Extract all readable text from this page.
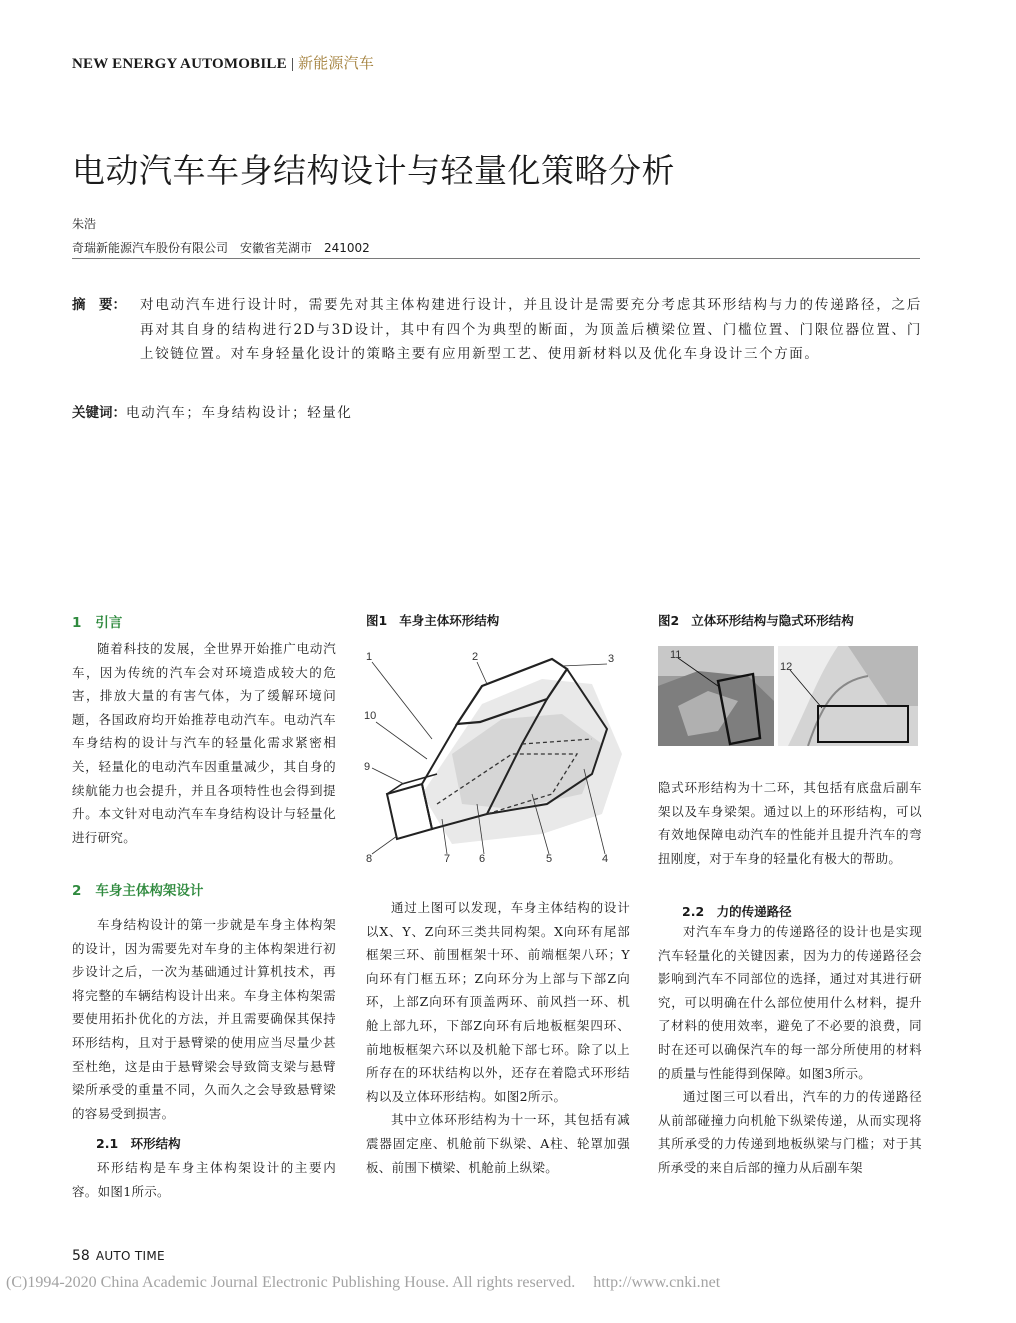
NEW ENERGY AUTOMOBILE | 新能源汽车
电动汽车车身结构设计与轻量化策略分析
朱浩
奇瑞新能源汽车股份有限公司　安徽省芜湖市　241002
摘　要： 对电动汽车进行设计时，需要先对其主体构建进行设计，并且设计是需要充分考虑其环形结构与力的传递路径，之后再对其自身的结构进行2D与3D设计，其中有四个为典型的断面，为顶盖后横梁位置、门槛位置、门限位器位置、门上铰链位置。对车身轻量化设计的策略主要有应用新型工艺、使用新材料以及优化车身设计三个方面。
关键词：电动汽车；车身结构设计；轻量化
1 引言

随着科技的发展，全世界开始推广电动汽车，因为传统的汽车会对环境造成较大的危害，排放大量的有害气体，为了缓解环境问题，各国政府均开始推荐电动汽车。电动汽车车身结构的设计与汽车的轻量化需求紧密相关，轻量化的电动汽车因重量减少，其自身的续航能力也会提升，并且各项特性也会得到提升。本文针对电动汽车车身结构设计与轻量化进行研究。

2 车身主体构架设计

车身结构设计的第一步就是车身主体构架的设计，因为需要先对车身的主体构架进行初步设计之后，一次为基础通过计算机技术，再将完整的车辆结构设计出来。车身主体构架需要使用拓扑优化的方法，并且需要确保其保持环形结构，且对于悬臂梁的使用应当尽量少甚至杜绝，这是由于悬臂梁会导致筒支梁与悬臂梁所承受的重量不同，久而久之会导致悬臂梁的容易受到损害。

2.1　环形结构

环形结构是车身主体构架设计的主要内容。如图1所示。

图1 车身主体环形结构
1	2	3
10
9
8	7	6	5	4

通过上图可以发现，车身主体结构的设计以X、Y、Z向环三类共同构架。X向环有尾部框架三环、前围框架十环、前端框架八环；Y向环有门框五环；Z向环分为上部与下部Z向环，上部Z向环有顶盖两环、前风挡一环、机舱上部九环，下部Z向环有后地板框架四环、前地板框架六环以及机舱下部七环。除了以上所存在的环状结构以外，还存在着隐式环形结构以及立体环形结构。如图2所示。

其中立体环形结构为十一环，其包括有减震器固定座、机舱前下纵梁、A柱、轮罩加强板、前围下横梁、机舱前上纵梁。

图2 立体环形结构与隐式环形结构
11
12

隐式环形结构为十二环，其包括有底盘后副车架以及车身梁架。通过以上的环形结构，可以有效地保障电动汽车的性能并且提升汽车的弯扭刚度，对于车身的轻量化有极大的帮助。

2.2　力的传递路径

对汽车车身力的传递路径的设计也是实现汽车轻量化的关键因素，因为力的传递路径会影响到汽车不同部位的选择，通过对其进行研究，可以明确在什么部位使用什么材料，提升了材料的使用效率，避免了不必要的浪费，同时在还可以确保汽车的每一部分所使用的材料的质量与性能得到保障。如图3所示。

通过图三可以看出，汽车的力的传递路径从前部碰撞力向机舱下纵梁传递，从而实现将其所承受的力传递到地板纵梁与门槛；对于其所承受的来自后部的撞力从后副车架

58 AUTO TIME
(C)1994-2020 China Academic Journal Electronic Publishing House. All rights reserved. http://www.cnki.net
